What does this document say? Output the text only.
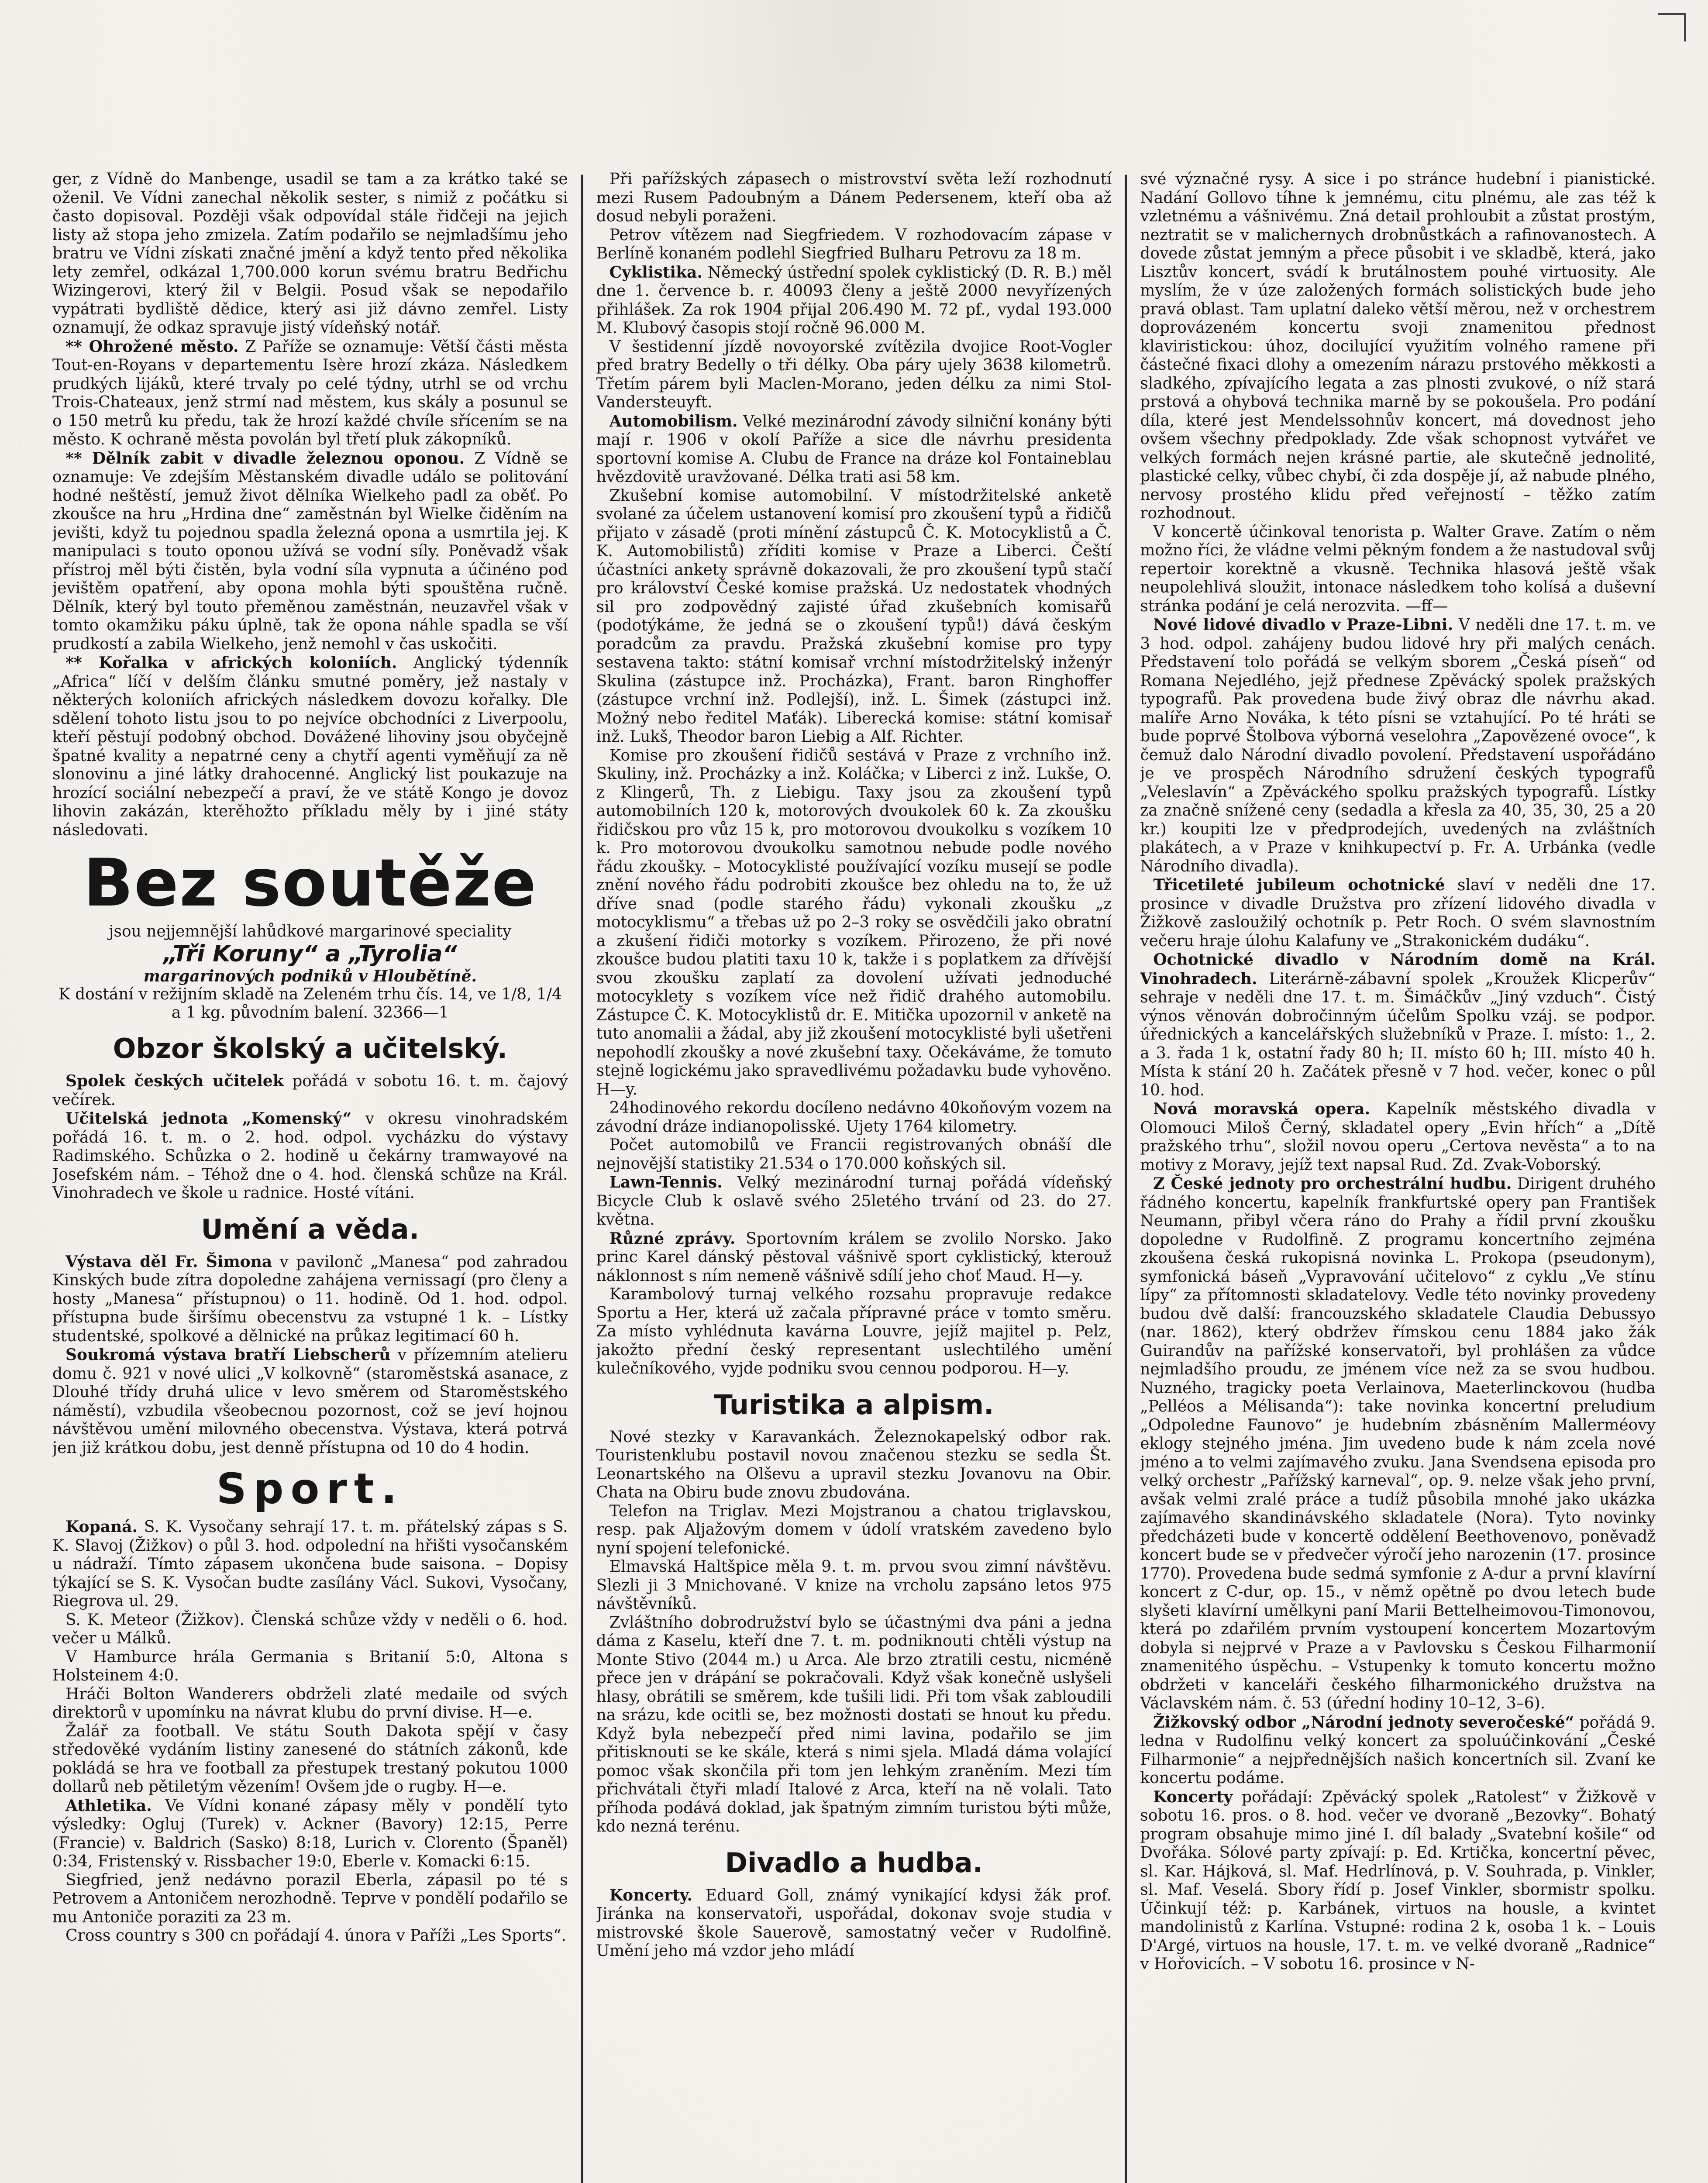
ger, z Vídně do Manbenge, usadil se tam a za krátko také se oženil. Ve Vídni zanechal několik sester, s nimiž z počátku si často dopisoval. Později však odpovídal stále řidčeji na jejich listy až stopa jeho zmizela. Zatím podařilo se nejmladšímu jeho bratru ve Vídni získati značné jmění a když tento před několika lety zemřel, odkázal 1,700.000 korun svému bratru Bedřichu Wizingerovi, který žil v Belgii. Posud však se nepodařilo vypátrati bydliště dědice, který asi již dávno zemřel. Listy oznamují, že odkaz spravuje jistý vídeňský notář.

** Ohrožené město. Z Paříže se oznamuje: Větší části města Tout-en-Royans v departementu Isère hrozí zkáza. Následkem prudkých lijáků, které trvaly po celé týdny, utrhl se od vrchu Trois-Chateaux, jenž strmí nad městem, kus skály a posunul se o 150 metrů ku předu, tak že hrozí každé chvíle sřícením se na město. K ochraně města povolán byl třetí pluk zákopníků.

** Dělník zabit v divadle železnou oponou. Z Vídně se oznamuje: Ve zdejším Městanském divadle událo se politování hodné neštěstí, jemuž život dělníka Wielkeho padl za oběť. Po zkoušce na hru „Hrdina dne“ zaměstnán byl Wielke čiděním na jevišti, když tu pojednou spadla železná opona a usmrtila jej. K manipulaci s touto oponou užívá se vodní síly. Poněvadž však přístroj měl býti čistěn, byla vodní síla vypnuta a účinéno pod jevištěm opatření, aby opona mohla býti spouštěna ručně. Dělník, který byl touto přeměnou zaměstnán, neuzavřel však v tomto okamžiku páku úplně, tak že opona náhle spadla se vší prudkostí a zabila Wielkeho, jenž nemohl v čas uskočiti.

** Kořalka v afrických koloniích. Anglický týdenník „Africa“ líčí v delším článku smutné poměry, jež nastaly v některých koloniích afrických následkem dovozu kořalky. Dle sdělení tohoto listu jsou to po nejvíce obchodníci z Liverpoolu, kteří pěstují podobný obchod. Dovážené lihoviny jsou obyčejně špatné kvality a nepatrné ceny a chytří agenti vyměňují za ně slonovinu a jiné látky drahocenné. Anglický list poukazuje na hrozící sociální nebezpečí a praví, že ve státě Kongo je dovoz lihovin zakázán, kterěhožto příkladu měly by i jiné státy následovati.

Bez soutěže
jsou nejjemnější lahůdkové margarinové speciality
„Tři Koruny“ a „Tyrolia“
margarinových podniků v Hloubětíně.
K dostání v režijním skladě na Zeleném trhu čís. 14, ve 1/8, 1/4 a 1 kg. původním balení. 32366—1
Obzor školský a učitelský.

Spolek českých učitelek pořádá v sobotu 16. t. m. čajový večírek.

Učitelská jednota „Komenský“ v okresu vinohradském pořádá 16. t. m. o 2. hod. odpol. vycházku do výstavy Radimského. Schůzka o 2. hodině u čekárny tramwayové na Josefském nám. – Téhož dne o 4. hod. členská schůze na Král. Vinohradech ve škole u radnice. Hosté vítáni.

Umění a věda.

Výstava děl Fr. Šimona v pavilonč „Manesa“ pod zahradou Kinských bude zítra dopoledne zahájena vernissagí (pro členy a hosty „Manesa“ přístupnou) o 11. hodině. Od 1. hod. odpol. přístupna bude širšímu obecenstvu za vstupné 1 k. – Lístky studentské, spolkové a dělnické na průkaz legitimací 60 h.

Soukromá výstava bratří Liebscherů v přízemním atelieru domu č. 921 v nové ulici „V kolkovně“ (staroměstská asanace, z Dlouhé třídy druhá ulice v levo směrem od Staroměstského náměstí), vzbudila všeobecnou pozornost, což se jeví hojnou návštěvou umění milovného obecenstva. Výstava, která potrvá jen již krátkou dobu, jest denně přístupna od 10 do 4 hodin.

Sport.

Kopaná. S. K. Vysočany sehrají 17. t. m. přátelský zápas s S. K. Slavoj (Žižkov) o půl 3. hod. odpolední na hřišti vysočanském u nádraží. Tímto zápasem ukončena bude saisona. – Dopisy týkající se S. K. Vysočan budte zasílány Václ. Sukovi, Vysočany, Riegrova ul. 29.

S. K. Meteor (Žižkov). Členská schůze vždy v neděli o 6. hod. večer u Málků.

V Hamburce hrála Germania s Britanií 5:0, Altona s Holsteinem 4:0.

Hráči Bolton Wanderers obdrželi zlaté medaile od svých direktorů v upomínku na návrat klubu do první divise. H—e.

Žalář za football. Ve státu South Dakota spějí v časy středověké vydáním listiny zanesené do státních zákonů, kde pokládá se hra ve football za přestupek trestaný pokutou 1000 dollarů neb pětiletým vězením! Ovšem jde o rugby. H—e.

Athletika. Ve Vídni konané zápasy měly v pondělí tyto výsledky: Ogluj (Turek) v. Ackner (Bavory) 12:15, Perre (Francie) v. Baldrich (Sasko) 8:18, Lurich v. Clorento (Španěl) 0:34, Fristenský v. Rissbacher 19:0, Eberle v. Komacki 6:15.

Siegfried, jenž nedávno porazil Eberla, zápasil po té s Petrovem a Antoničem nerozhodně. Teprve v pondělí podařilo se mu Antoniče poraziti za 23 m.

Cross country s 300 cn pořádají 4. února v Paříži „Les Sports“.

Při pařížských zápasech o mistrovství světa leží rozhodnutí mezi Rusem Padoubným a Dánem Pedersenem, kteří oba až dosud nebyli poraženi.

Petrov vítězem nad Siegfriedem. V rozhodovacím zápase v Berlíně konaném podlehl Siegfried Bulharu Petrovu za 18 m.

Cyklistika. Německý ústřední spolek cyklistický (D. R. B.) měl dne 1. července b. r. 40093 členy a ještě 2000 nevyřízených přihlášek. Za rok 1904 přijal 206.490 M. 72 pf., vydal 193.000 M. Klubový časopis stojí ročně 96.000 M.

V šestidenní jízdě novoyorské zvítězila dvojice Root-Vogler před bratry Bedelly o tři délky. Oba páry ujely 3638 kilometrů. Třetím párem byli Maclen-Morano, jeden délku za nimi Stol-Vandersteuyft.

Automobilism. Velké mezinárodní závody silniční konány býti mají r. 1906 v okolí Paříže a sice dle návrhu presidenta sportovní komise A. Clubu de France na dráze kol Fontaineblau hvězdovitě uravžované. Délka trati asi 58 km.

Zkušební komise automobilní. V místodržitelské anketě svolané za účelem ustanovení komisí pro zkoušení typů a řidičů přijato v zásadě (proti mínění zástupců Č. K. Motocyklistů a Č. K. Automobilistů) zříditi komise v Praze a Liberci. Čeští účastníci ankety správně dokazovali, že pro zkoušení typů stačí pro království České komise pražská. Uz nedostatek vhodných sil pro zodpovědný zajisté úřad zkušebních komisařů (podotýkáme, že jedná se o zkoušení typů!) dává českým poradcům za pravdu. Pražská zkušební komise pro typy sestavena takto: státní komisař vrchní místodržitelský inženýr Skulina (zástupce inž. Procházka), Frant. baron Ringhoffer (zástupce vrchní inž. Podlejší), inž. L. Šimek (zástupci inž. Možný nebo ředitel Maťák). Liberecká komise: státní komisař inž. Lukš, Theodor baron Liebig a Alf. Richter.

Komise pro zkoušení řidičů sestává v Praze z vrchního inž. Skuliny, inž. Procházky a inž. Koláčka; v Liberci z inž. Lukše, O. z Klingerů, Th. z Liebigu. Taxy jsou za zkoušení typů automobilních 120 k, motorových dvoukolek 60 k. Za zkoušku řidičskou pro vůz 15 k, pro motorovou dvoukolku s vozíkem 10 k. Pro motorovou dvoukolku samotnou nebude podle nového řádu zkoušky. – Motocyklisté používající vozíku musejí se podle znění nového řádu podrobiti zkoušce bez ohledu na to, že už dříve snad (podle starého řádu) vykonali zkoušku „z motocyklismu“ a třebas už po 2–3 roky se osvědčili jako obratní a zkušení řidiči motorky s vozíkem. Přirozeno, že při nové zkoušce budou platiti taxu 10 k, takže i s poplatkem za dřívější svou zkoušku zaplatí za dovolení užívati jednoduché motocyklety s vozíkem více než řidič drahého automobilu. Zástupce Č. K. Motocyklistů dr. E. Mitička upozornil v anketě na tuto anomalii a žádal, aby již zkoušení motocyklisté byli ušetřeni nepohodlí zkoušky a nové zkušební taxy. Očekáváme, že tomuto stejně logickému jako spravedlivému požadavku bude vyhověno. H—y.

24hodinového rekordu docíleno nedávno 40koňovým vozem na závodní dráze indianopolisské. Ujety 1764 kilometry.

Počet automobilů ve Francii registrovaných obnáší dle nejnovější statistiky 21.534 o 170.000 koňských sil.

Lawn-Tennis. Velký mezinárodní turnaj pořádá vídeňský Bicycle Club k oslavě svého 25letého trvání od 23. do 27. května.

Různé zprávy. Sportovním králem se zvolilo Norsko. Jako princ Karel dánský pěstoval vášnivě sport cyklistický, kterouž náklonnost s ním nemeně vášnivě sdílí jeho choť Maud. H—y.

Karambolový turnaj velkého rozsahu propravuje redakce Sportu a Her, která už začala přípravné práce v tomto směru. Za místo vyhlédnuta kavárna Louvre, jejíž majitel p. Pelz, jakožto přední český representant uslechtilého umění kulečníkového, vyjde podniku svou cennou podporou. H—y.

Turistika a alpism.

Nové stezky v Karavankách. Železnokapelský odbor rak. Touristenklubu postavil novou značenou stezku se sedla Št. Leonartského na Olševu a upravil stezku Jovanovu na Obir. Chata na Obiru bude znovu zbudována.

Telefon na Triglav. Mezi Mojstranou a chatou triglavskou, resp. pak Aljažovým domem v údolí vratském zavedeno bylo nyní spojení telefonické.

Elmavská Haltšpice měla 9. t. m. prvou svou zimní návštěvu. Slezli ji 3 Mnichované. V knize na vrcholu zapsáno letos 975 návštěvníků.

Zvláštního dobrodružství bylo se účastnými dva páni a jedna dáma z Kaselu, kteří dne 7. t. m. podniknouti chtěli výstup na Monte Stivo (2044 m.) u Arca. Ale brzo ztratili cestu, nicméně přece jen v drápání se pokračovali. Když však konečně uslyšeli hlasy, obrátili se směrem, kde tušili lidi. Při tom však zabloudili na srázu, kde ocitli se, bez možnosti dostati se hnout ku předu. Když byla nebezpečí před nimi lavina, podařilo se jim přitisknouti se ke skále, která s nimi sjela. Mladá dáma volající pomoc však skončila při tom jen lehkým zraněním. Mezi tím přichvátali čtyři mladí Italové z Arca, kteří na ně volali. Tato příhoda podává doklad, jak špatným zimním turistou býti může, kdo nezná terénu.

Divadlo a hudba.

Koncerty. Eduard Goll, známý vynikající kdysi žák prof. Jiránka na konservatoři, uspořádal, dokonav svoje studia v mistrovské škole Sauerově, samostatný večer v Rudolfině. Umění jeho má vzdor jeho mládí

své význačné rysy. A sice i po stránce hudební i pianistické. Nadání Gollovo tíhne k jemnému, citu plnému, ale zas též k vzletnému a vášnivému. Zná detail prohloubit a zůstat prostým, neztratit se v malichernych drobnůstkách a rafinovanostech. A dovede zůstat jemným a přece působit i ve skladbě, která, jako Lisztův koncert, svádí k brutálnostem pouhé virtuosity. Ale myslím, že v úze založených formách solistických bude jeho pravá oblast. Tam uplatní daleko větší měrou, než v orchestrem doprovázeném koncertu svoji znamenitou přednost klaviristickou: úhoz, docilující využitím volného ramene při částečné fixaci dlohy a omezením nárazu prstového měkkosti a sladkého, zpívajícího legata a zas plnosti zvukové, o níž stará prstová a ohybová technika marně by se pokoušela. Pro podání díla, které jest Mendelssohnův koncert, má dovednost jeho ovšem všechny předpoklady. Zde však schopnost vytvářet ve velkých formách nejen krásné partie, ale skutečně jednolité, plastické celky, vůbec chybí, či zda dospěje jí, až nabude plného, nervosy prostého klidu před veřejností – těžko zatím rozhodnout.

V koncertě účinkoval tenorista p. Walter Grave. Zatím o něm možno říci, že vládne velmi pěkným fondem a že nastudoval svůj repertoir korektně a vkusně. Technika hlasová ještě však neupolehlivá sloužit, intonace následkem toho kolísá a duševní stránka podání je celá nerozvita. —ff—

Nové lidové divadlo v Praze-Libni. V neděli dne 17. t. m. ve 3 hod. odpol. zahájeny budou lidové hry při malých cenách. Představení tolo pořádá se velkým sborem „Česká píseň“ od Romana Nejedlého, jejž přednese Zpěvácký spolek pražských typografů. Pak provedena bude živý obraz dle návrhu akad. malíře Arno Nováka, k této písni se vztahující. Po té hráti se bude poprvé Štolbova výborná veselohra „Zapovězené ovoce“, k čemuž dalo Národní divadlo povolení. Představení uspořádáno je ve prospěch Národního sdružení českých typografů „Veleslavín“ a Zpěváckého spolku pražských typografů. Lístky za značně snížené ceny (sedadla a křesla za 40, 35, 30, 25 a 20 kr.) koupiti lze v předprodejích, uvedených na zvláštních plakátech, a v Praze v knihkupectví p. Fr. A. Urbánka (vedle Národního divadla).

Třicetileté jubileum ochotnické slaví v neděli dne 17. prosince v divadle Družstva pro zřízení lidového divadla v Žižkově zasloužilý ochotník p. Petr Roch. O svém slavnostním večeru hraje úlohu Kalafuny ve „Strakonickém dudáku“.

Ochotnické divadlo v Národním domě na Král. Vinohradech. Literárně-zábavní spolek „Kroužek Klicperův“ sehraje v neděli dne 17. t. m. Šimáčkův „Jiný vzduch“. Čistý výnos věnován dobročinným účelům Spolku vzáj. se podpor. úřednických a kancelářských služebníků v Praze. I. místo: 1., 2. a 3. řada 1 k, ostatní řady 80 h; II. místo 60 h; III. místo 40 h. Místa k stání 20 h. Začátek přesně v 7 hod. večer, konec o půl 10. hod.

Nová moravská opera. Kapelník městského divadla v Olomouci Miloš Černý, skladatel opery „Evin hřích“ a „Dítě pražského trhu“, složil novou operu „Certova nevěsta“ a to na motivy z Moravy, jejíž text napsal Rud. Zd. Zvak-Voborský.

Z České jednoty pro orchestrální hudbu. Dirigent druhého řádného koncertu, kapelník frankfurtské opery pan František Neumann, přibyl včera ráno do Prahy a řídil první zkoušku dopoledne v Rudolfině. Z programu koncertního zejména zkoušena česká rukopisná novinka L. Prokopa (pseudonym), symfonická báseň „Vypravování učitelovo“ z cyklu „Ve stínu lípy“ za přítomnosti skladatelovy. Vedle této novinky provedeny budou dvě další: francouzského skladatele Claudia Debussyo (nar. 1862), který obdržev římskou cenu 1884 jako žák Guirandův na pařížské konservatoři, byl prohlášen za vůdce nejmladšího proudu, ze jménem více než za se svou hudbou. Nuzného, tragicky poeta Verlainova, Maeterlinckovou (hudba „Pelléos a Mélisanda“): take novinka koncertní preludium „Odpoledne Faunovo“ je hudebním zbásněním Mallerméovy eklogy stejného jména. Jim uvedeno bude k nám zcela nové jméno a to velmi zajímavého zvuku. Jana Svendsena episoda pro velký orchestr „Pařížský karneval“, op. 9. nelze však jeho první, avšak velmi zralé práce a tudíž působila mnohé jako ukázka zajímavého skandinávského skladatele (Nora). Tyto novinky předcházeti bude v koncertě oddělení Beethovenovo, poněvadž koncert bude se v předvečer výročí jeho narozenin (17. prosince 1770). Provedena bude sedmá symfonie z A-dur a první klavírní koncert z C-dur, op. 15., v němž opětně po dvou letech bude slyšeti klavírní umělkyni paní Marii Bettelheimovou-Timonovou, která po zdařilém prvním vystoupení koncertem Mozartovým dobyla si nejprvé v Praze a v Pavlovsku s Českou Filharmonií znamenitého úspěchu. – Vstupenky k tomuto koncertu možno obdržeti v kanceláři českého filharmonického družstva na Václavském nám. č. 53 (úřední hodiny 10–12, 3–6).

Žižkovský odbor „Národní jednoty severočeské“ pořádá 9. ledna v Rudolfinu velký koncert za spoluúčinkování „České Filharmonie“ a nejpřednějších našich koncertních sil. Zvaní ke koncertu podáme.

Koncerty pořádají: Zpěvácký spolek „Ratolest“ v Žižkově v sobotu 16. pros. o 8. hod. večer ve dvoraně „Bezovky“. Bohatý program obsahuje mimo jiné I. díl balady „Svatební košile“ od Dvořáka. Sólové party zpívají: p. Ed. Krtička, koncertní pěvec, sl. Kar. Hájková, sl. Maf. Hedrlínová, p. V. Souhrada, p. Vinkler, sl. Maf. Veselá. Sbory řídí p. Josef Vinkler, sbormistr spolku. Účinkují též: p. Karbánek, virtuos na housle, a kvintet mandolinistů z Karlína. Vstupné: rodina 2 k, osoba 1 k. – Louis D'Argé, virtuos na housle, 17. t. m. ve velké dvoraně „Radnice“ v Hořovicích. – V sobotu 16. prosince v N-
